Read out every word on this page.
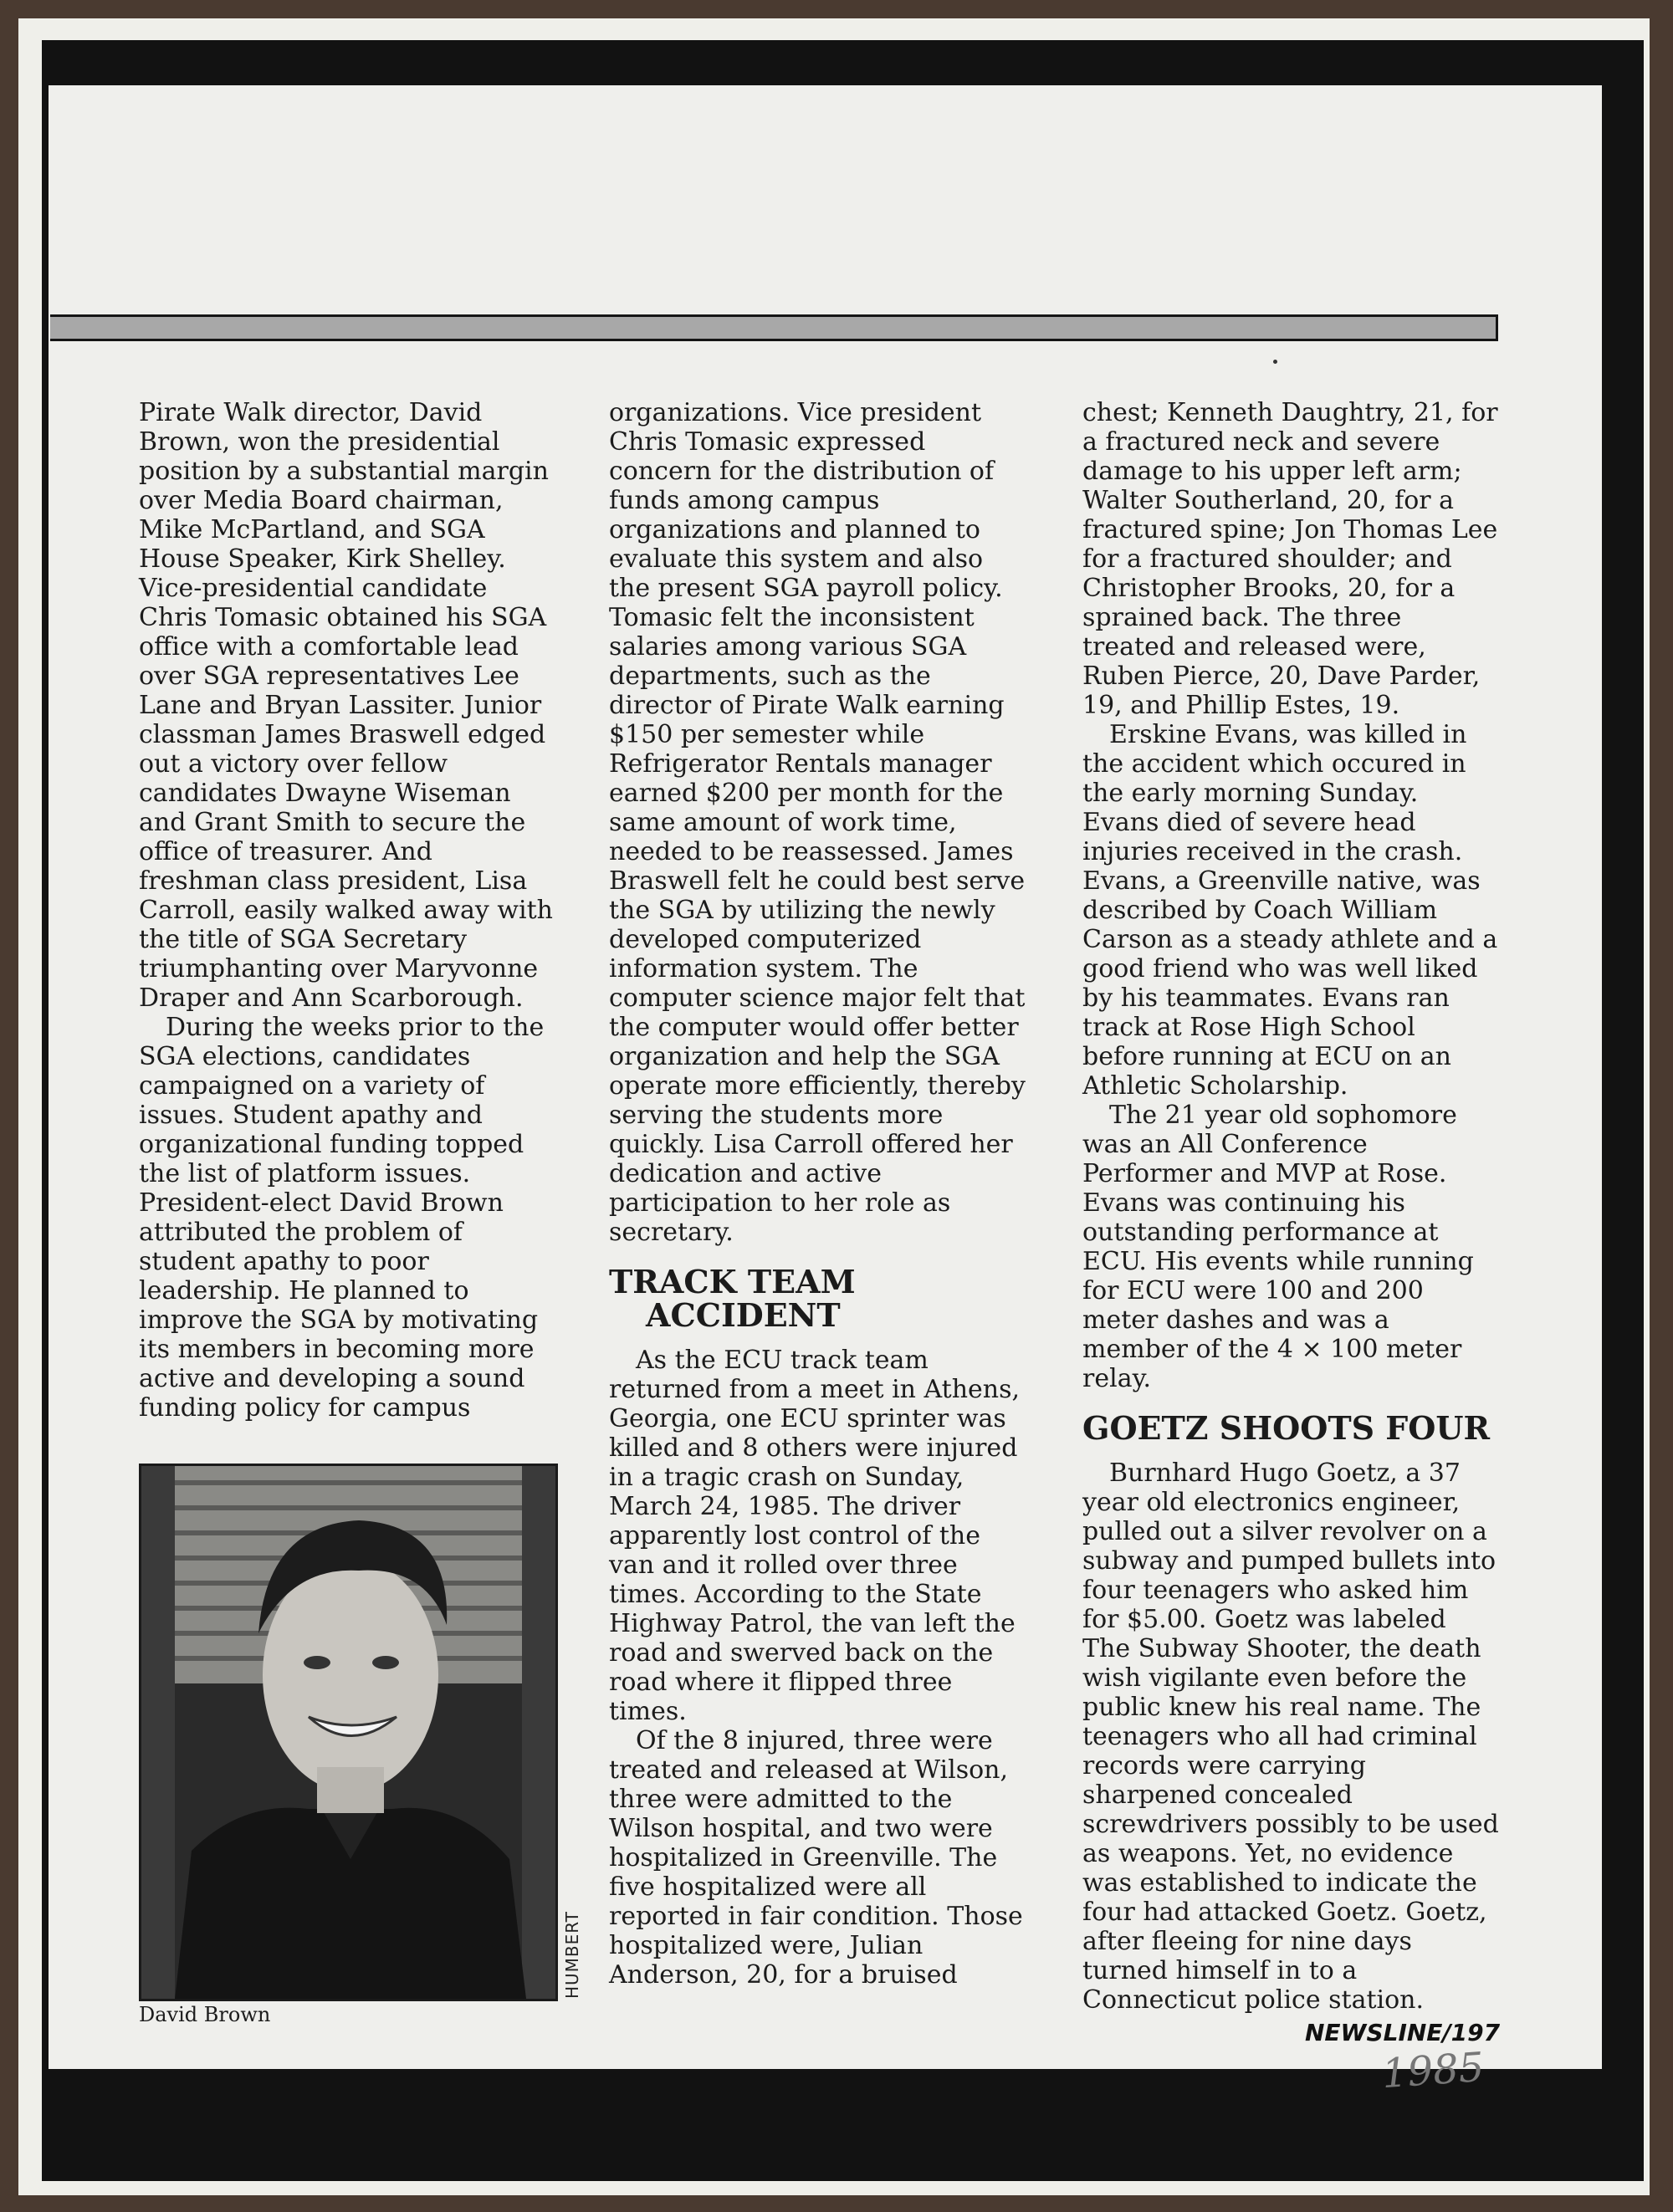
Pirate Walk director, David Brown, won the presidential position by a substantial margin over Media Board chairman, Mike McPartland, and SGA House Speaker, Kirk Shelley. Vice-presidential candidate Chris Tomasic obtained his SGA office with a comfortable lead over SGA representatives Lee Lane and Bryan Lassiter. Junior classman James Braswell edged out a victory over fellow candidates Dwayne Wiseman and Grant Smith to secure the office of treasurer. And freshman class president, Lisa Carroll, easily walked away with the title of SGA Secretary triumphanting over Maryvonne Draper and Ann Scarborough.

During the weeks prior to the SGA elections, candidates campaigned on a variety of issues. Student apathy and organizational funding topped the list of platform issues. President-elect David Brown attributed the problem of student apathy to poor leadership. He planned to improve the SGA by motivating its members in becoming more active and developing a sound funding policy for campus

organizations. Vice president Chris Tomasic expressed concern for the distribution of funds among campus organizations and planned to evaluate this system and also the present SGA payroll policy. Tomasic felt the inconsistent salaries among various SGA departments, such as the director of Pirate Walk earning $150 per semester while Refrigerator Rentals manager earned $200 per month for the same amount of work time, needed to be reassessed. James Braswell felt he could best serve the SGA by utilizing the newly developed computerized information system. The computer science major felt that the computer would offer better organization and help the SGA operate more efficiently, thereby serving the students more quickly. Lisa Carroll offered her dedication and active participation to her role as secretary.

TRACK TEAM
ACCIDENT

As the ECU track team returned from a meet in Athens, Georgia, one ECU sprinter was killed and 8 others were injured in a tragic crash on Sunday, March 24, 1985. The driver apparently lost control of the van and it rolled over three times. According to the State Highway Patrol, the van left the road and swerved back on the road where it flipped three times.

Of the 8 injured, three were treated and released at Wilson, three were admitted to the Wilson hospital, and two were hospitalized in Greenville. The five hospitalized were all reported in fair condition. Those hospitalized were, Julian Anderson, 20, for a bruised

chest; Kenneth Daughtry, 21, for a fractured neck and severe damage to his upper left arm; Walter Southerland, 20, for a fractured spine; Jon Thomas Lee for a fractured shoulder; and Christopher Brooks, 20, for a sprained back. The three treated and released were, Ruben Pierce, 20, Dave Parder, 19, and Phillip Estes, 19.

Erskine Evans, was killed in the accident which occured in the early morning Sunday. Evans died of severe head injuries received in the crash. Evans, a Greenville native, was described by Coach William Carson as a steady athlete and a good friend who was well liked by his teammates. Evans ran track at Rose High School before running at ECU on an Athletic Scholarship.

The 21 year old sophomore was an All Conference Performer and MVP at Rose. Evans was continuing his outstanding performance at ECU. His events while running for ECU were 100 and 200 meter dashes and was a member of the 4 × 100 meter relay.

GOETZ SHOOTS FOUR

Burnhard Hugo Goetz, a 37 year old electronics engineer, pulled out a silver revolver on a subway and pumped bullets into four teenagers who asked him for $5.00. Goetz was labeled The Subway Shooter, the death wish vigilante even before the public knew his real name. The teenagers who all had criminal records were carrying sharpened concealed screwdrivers possibly to be used as weapons. Yet, no evidence was established to indicate the four had attacked Goetz. Goetz, after fleeing for nine days turned himself in to a Connecticut police station.

HUMBERT
David Brown
NEWSLINE/197
1985
